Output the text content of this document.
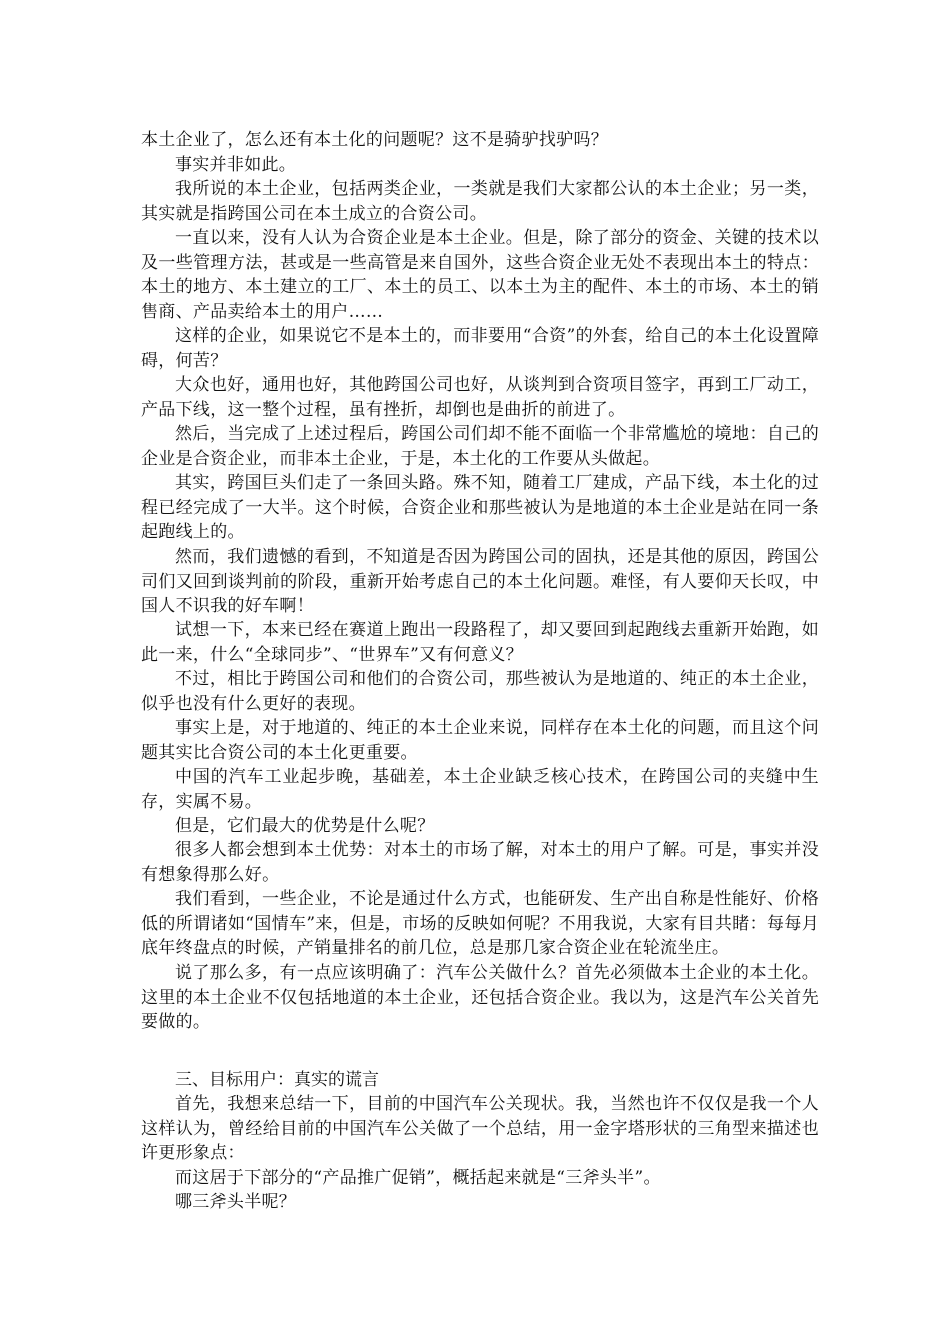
本土企业了，怎么还有本土化的问题呢？这不是骑驴找驴吗？

事实并非如此。

我所说的本土企业，包括两类企业，一类就是我们大家都公认的本土企业；另一类，其实就是指跨国公司在本土成立的合资公司。

一直以来，没有人认为合资企业是本土企业。但是，除了部分的资金、关键的技术以及一些管理方法，甚或是一些高管是来自国外，这些合资企业无处不表现出本土的特点：本土的地方、本土建立的工厂、本土的员工、以本土为主的配件、本土的市场、本土的销售商、产品卖给本土的用户……

这样的企业，如果说它不是本土的，而非要用“合资”的外套，给自己的本土化设置障碍，何苦？

大众也好，通用也好，其他跨国公司也好，从谈判到合资项目签字，再到工厂动工，产品下线，这一整个过程，虽有挫折，却倒也是曲折的前进了。

然后，当完成了上述过程后，跨国公司们却不能不面临一个非常尴尬的境地：自己的企业是合资企业，而非本土企业，于是，本土化的工作要从头做起。

其实，跨国巨头们走了一条回头路。殊不知，随着工厂建成，产品下线，本土化的过程已经完成了一大半。这个时候，合资企业和那些被认为是地道的本土企业是站在同一条起跑线上的。

然而，我们遗憾的看到，不知道是否因为跨国公司的固执，还是其他的原因，跨国公司们又回到谈判前的阶段，重新开始考虑自己的本土化问题。难怪，有人要仰天长叹，中国人不识我的好车啊！

试想一下，本来已经在赛道上跑出一段路程了，却又要回到起跑线去重新开始跑，如此一来，什么“全球同步”、“世界车”又有何意义？

不过，相比于跨国公司和他们的合资公司，那些被认为是地道的、纯正的本土企业，似乎也没有什么更好的表现。

事实上是，对于地道的、纯正的本土企业来说，同样存在本土化的问题，而且这个问题其实比合资公司的本土化更重要。

中国的汽车工业起步晚，基础差，本土企业缺乏核心技术，在跨国公司的夹缝中生存，实属不易。

但是，它们最大的优势是什么呢？

很多人都会想到本土优势：对本土的市场了解，对本土的用户了解。可是，事实并没有想象得那么好。

我们看到，一些企业，不论是通过什么方式，也能研发、生产出自称是性能好、价格低的所谓诸如“国情车”来，但是，市场的反映如何呢？不用我说，大家有目共睹：每每月底年终盘点的时候，产销量排名的前几位，总是那几家合资企业在轮流坐庄。

说了那么多，有一点应该明确了：汽车公关做什么？首先必须做本土企业的本土化。这里的本土企业不仅包括地道的本土企业，还包括合资企业。我以为，这是汽车公关首先要做的。

三、目标用户：真实的谎言

首先，我想来总结一下，目前的中国汽车公关现状。我，当然也许不仅仅是我一个人这样认为，曾经给目前的中国汽车公关做了一个总结，用一金字塔形状的三角型来描述也许更形象点：

而这居于下部分的“产品推广促销”，概括起来就是“三斧头半”。

哪三斧头半呢？
